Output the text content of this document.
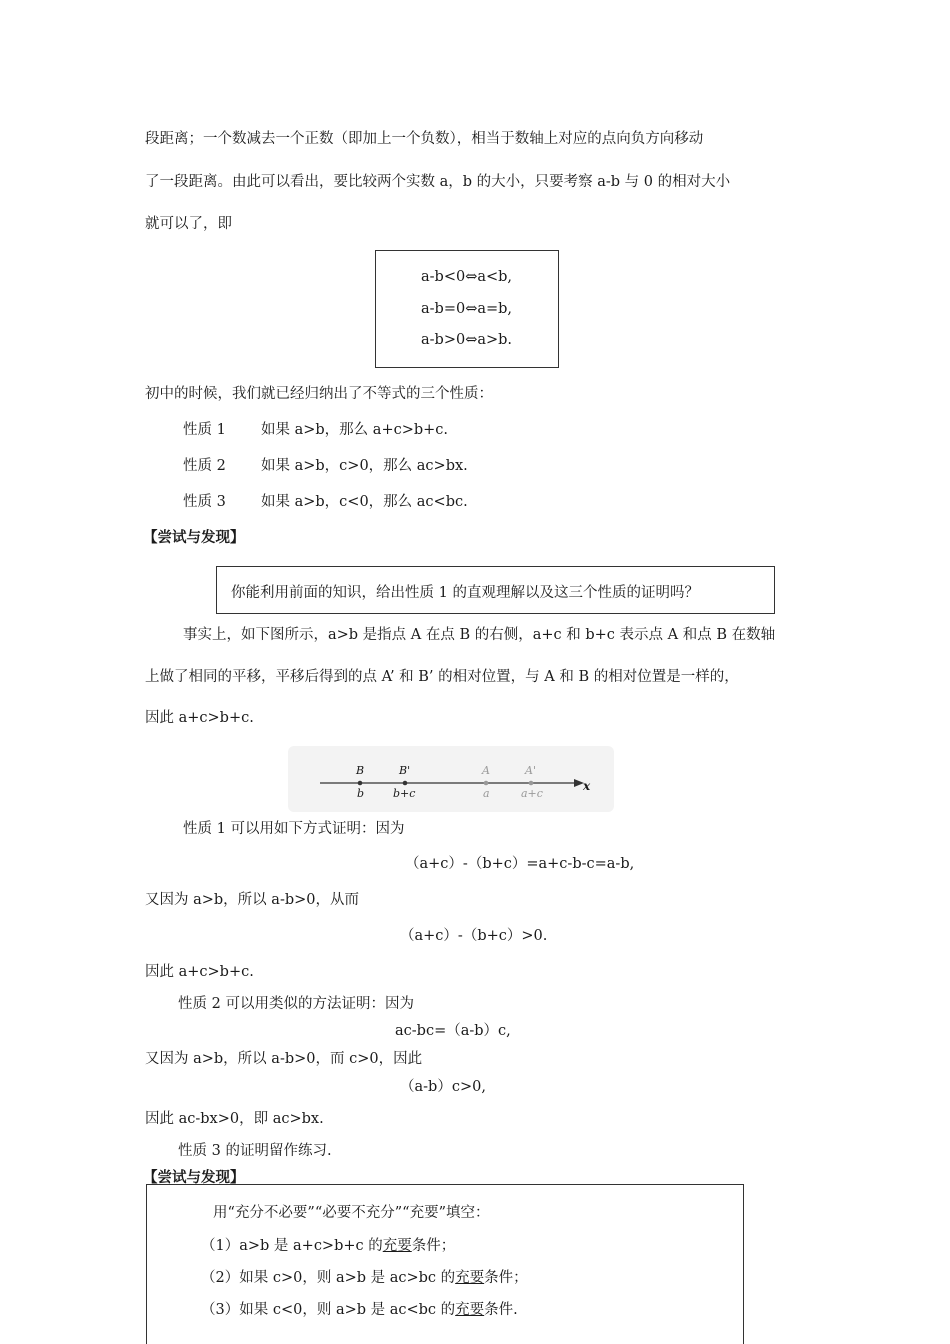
段距离；一个数减去一个正数（即加上一个负数），相当于数轴上对应的点向负方向移动
了一段距离。由此可以看出，要比较两个实数 a，b 的大小，只要考察 a-b 与 0 的相对大小
就可以了，即
a-b<0⇔a<b,
a-b=0⇔a=b,
a-b>0⇔a>b.
初中的时候，我们就已经归纳出了不等式的三个性质：
性质 1 如果 a>b，那么 a+c>b+c.
性质 2 如果 a>b，c>0，那么 ac>bx.
性质 3 如果 a>b，c<0，那么 ac<bc.
【尝试与发现】
你能利用前面的知识，给出性质 1 的直观理解以及这三个性质的证明吗？
事实上，如下图所示，a>b 是指点 A 在点 B 的右侧，a+c 和 b+c 表示点 A 和点 B 在数轴
上做了相同的平移，平移后得到的点 A’ 和 B’ 的相对位置，与 A 和 B 的相对位置是一样的，
因此 a+c>b+c.
B	B'	A	A'
b	b+c	a	a+c
x
性质 1 可以用如下方式证明：因为
（a+c）-（b+c）=a+c-b-c=a-b,
又因为 a>b，所以 a-b>0，从而
（a+c）-（b+c）>0.
因此 a+c>b+c.
性质 2 可以用类似的方法证明：因为
ac-bc=（a-b）c,
又因为 a>b，所以 a-b>0，而 c>0，因此
（a-b）c>0,
因此 ac-bx>0，即 ac>bx.
性质 3 的证明留作练习.
【尝试与发现】
用“充分不必要”“必要不充分”“充要”填空：
（1）a>b 是 a+c>b+c 的充要条件；
（2）如果 c>0，则 a>b 是 ac>bc 的充要条件；
（3）如果 c<0，则 a>b 是 ac<bc 的充要条件.
